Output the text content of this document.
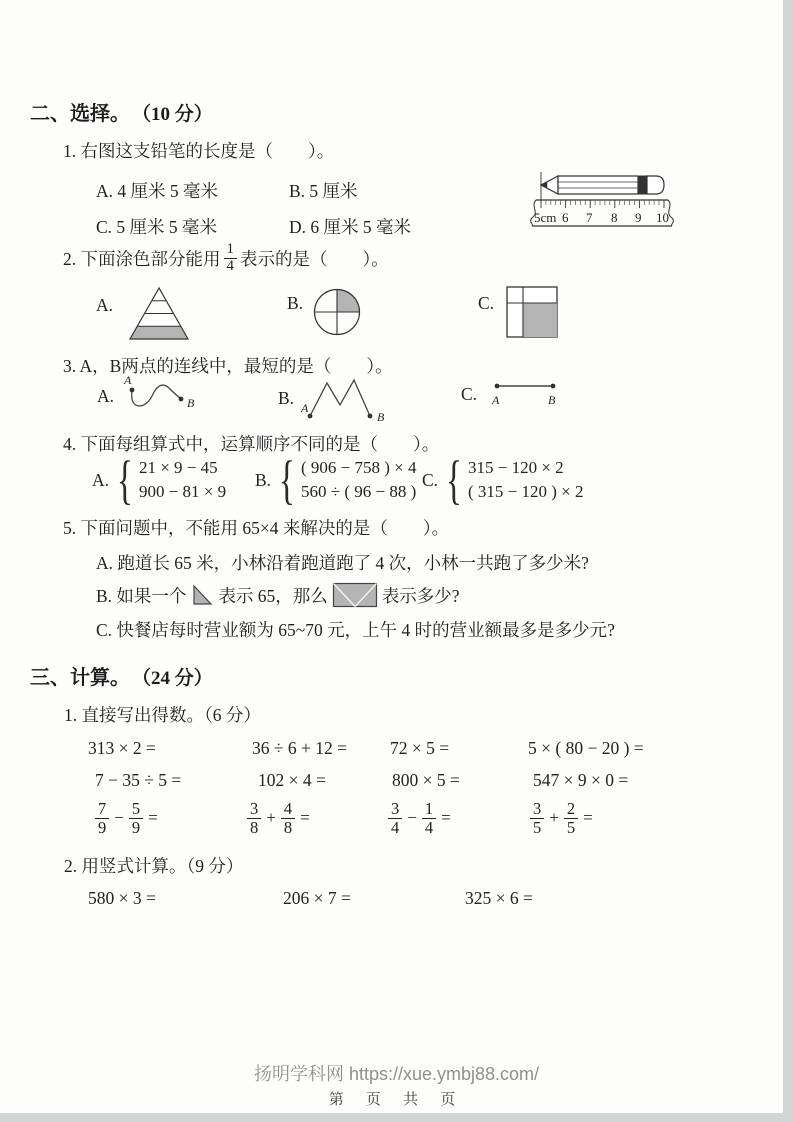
二、选择。 （10 分）
1. 右图这支铅笔的长度是（　　）。
A. 4 厘米 5 毫米	B. 5 厘米
C. 5 厘米 5 毫米	D. 6 厘米 5 毫米	5cm 6 7 8 9 10
2. 下面涂色部分能用 $\frac{1}{4}$ 表示的是（　　）。
A.	B.	C.
3. A，B两点的连线中，最短的是（　　）。
A.
A
B	B. A
B
C. A	B
4. 下面每组算式中，运算顺序不同的是（　　）。
A. { 21 × 9 − 45
900 − 81 × 9
B. { ( 906 − 758 ) × 4
560 ÷ ( 96 − 88 )
C. { 315 − 120 × 2
( 315 − 120 ) × 2
5. 下面问题中，不能用 65×4 来解决的是（　　）。
A. 跑道长 65 米，小林沿着跑道跑了 4 次，小林一共跑了多少米?
B. 如果一个 表示 65，那么	表示多少?
C. 快餐店每时营业额为 65~70 元，上午 4 时的营业额最多是多少元?
三、计算。 （24 分）
1. 直接写出得数。（6 分）
313 × 2 =	36 ÷ 6 + 12 = 72 × 5 =	5 × ( 80 − 20 ) =
7 − 35 ÷ 5 =	102 × 4 =	800 × 5 =	547 × 9 × 0 =
$\frac{7}{9} - \frac{5}{9}$ =	$\frac{3}{8} + \frac{4}{8}$ =	$\frac{3}{4} - \frac{1}{4}$ =	$\frac{3}{5} + \frac{2}{5}$ =
2. 用竖式计算。（9 分）
580 × 3 =	206 × 7 =	325 × 6 =
扬明学科网 https://xue.ymbj88.com/
第 页 共 页
